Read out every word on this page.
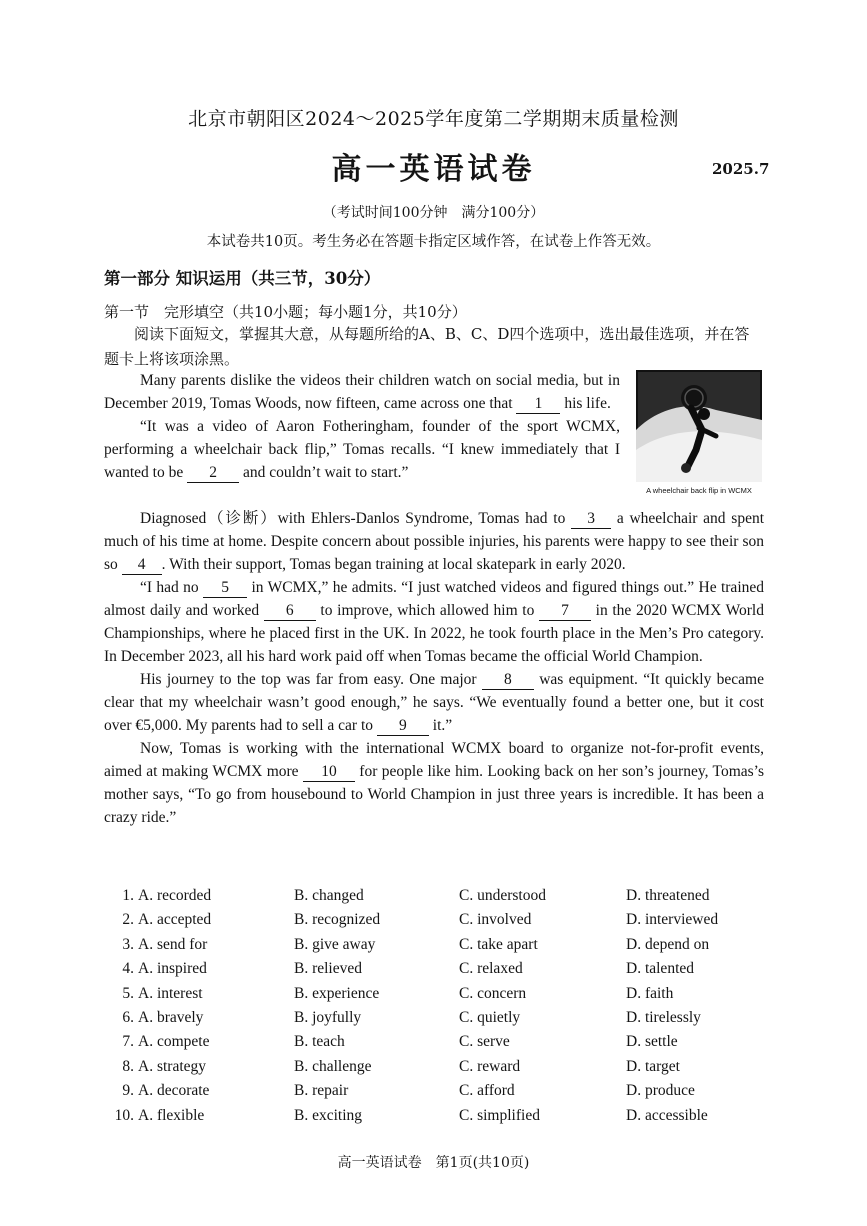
北京市朝阳区2024～2025学年度第二学期期末质量检测
高一英语试卷	2025.7
（考试时间100分钟　满分100分）
本试卷共10页。考生务必在答题卡指定区域作答，在试卷上作答无效。
第一部分 知识运用（共三节，30分）
第一节　完形填空（共10小题；每小题1分，共10分）
阅读下面短文，掌握其大意，从每题所给的A、B、C、D四个选项中，选出最佳选项，并在答题卡上将该项涂黑。
A wheelchair back flip in WCMX

Many parents dislike the videos their children watch on social media, but in December 2019, Tomas Woods, now fifteen, came across one that 1 his life.

“It was a video of Aaron Fotheringham, founder of the sport WCMX, performing a wheelchair back flip,” Tomas recalls. “I knew immediately that I wanted to be 2 and couldn’t wait to start.”

Diagnosed（诊断）with Ehlers-Danlos Syndrome, Tomas had to 3 a wheelchair and spent much of his time at home. Despite concern about possible injuries, his parents were happy to see their son so 4 . With their support, Tomas began training at local skatepark in early 2020.

“I had no 5 in WCMX,” he admits. “I just watched videos and figured things out.” He trained almost daily and worked 6 to improve, which allowed him to 7 in the 2020 WCMX World Championships, where he placed first in the UK. In 2022, he took fourth place in the Men’s Pro category. In December 2023, all his hard work paid off when Tomas became the official World Champion.

His journey to the top was far from easy. One major 8 was equipment. “It quickly became clear that my wheelchair wasn’t good enough,” he says. “We eventually found a better one, but it cost over €5,000. My parents had to sell a car to 9 it.”

Now, Tomas is working with the international WCMX board to organize not-for-profit events, aimed at making WCMX more 10 for people like him. Looking back on her son’s journey, Tomas’s mother says, “To go from housebound to World Champion in just three years is incredible. It has been a crazy ride.”

1. A. recorded	B. changed	C. understood	D. threatened
2. A. accepted	B. recognized	C. involved	D. interviewed
3. A. send for	B. give away	C. take apart	D. depend on
4. A. inspired	B. relieved	C. relaxed	D. talented
5. A. interest	B. experience	C. concern	D. faith
6. A. bravely	B. joyfully	C. quietly	D. tirelessly
7. A. compete	B. teach	C. serve	D. settle
8. A. strategy	B. challenge	C. reward	D. target
9. A. decorate	B. repair	C. afford	D. produce
10. A. flexible	B. exciting	C. simplified	D. accessible
高一英语试卷　第1页(共10页)
